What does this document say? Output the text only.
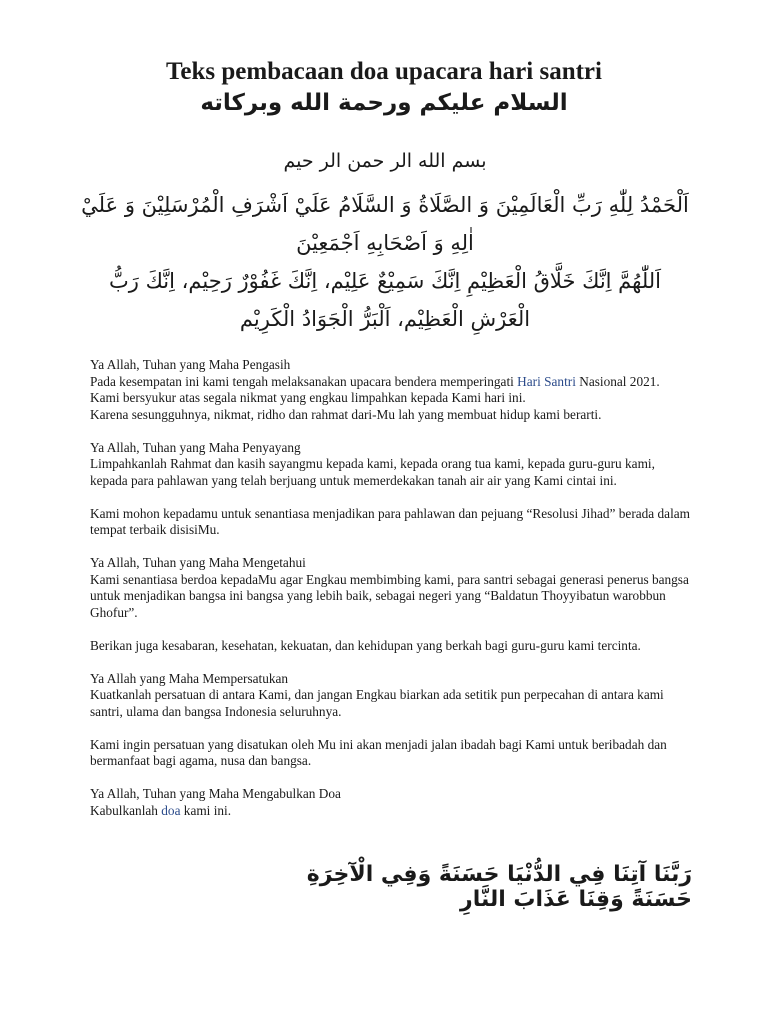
Teks pembacaan doa upacara hari santri
السلام عليكم ورحمة الله وبركاته
بسم الله الر حمن الر حيم
اَلْحَمْدُ لِلّٰهِ رَبِّ الْعَالَمِيْنَ وَ الصَّلَاةُ وَ السَّلَامُ عَلَيْ اَشْرَفِ الْمُرْسَلِيْنَ وَ عَلَيْ اٰلِهِ وَ اَصْحَابِهِ اَجْمَعِيْنَ
اَللّٰهُمَّ اِنَّكَ خَلَّاقُ الْعَظِيْمِ اِنَّكَ سَمِيْعٌ عَلِيْم، اِنَّكَ غَفُوْرٌ رَحِيْم، اِنَّكَ رَبُّ الْعَرْشِ الْعَظِيْم، اَلْبَرُّ الْجَوَادُ الْكَرِيْم

Ya Allah, Tuhan yang Maha Pengasih

Pada kesempatan ini kami tengah melaksanakan upacara bendera memperingati Hari Santri Nasional 2021.

Kami bersyukur atas segala nikmat yang engkau limpahkan kepada Kami hari ini.

Karena sesungguhnya, nikmat, ridho dan rahmat dari-Mu lah yang membuat hidup kami berarti.

Ya Allah, Tuhan yang Maha Penyayang

Limpahkanlah Rahmat dan kasih sayangmu kepada kami, kepada orang tua kami, kepada guru-guru kami, kepada para pahlawan yang telah berjuang untuk memerdekakan tanah air air yang Kami cintai ini.

Kami mohon kepadamu untuk senantiasa menjadikan para pahlawan dan pejuang “Resolusi Jihad” berada dalam tempat terbaik disisiMu.

Ya Allah, Tuhan yang Maha Mengetahui

Kami senantiasa berdoa kepadaMu agar Engkau membimbing kami, para santri sebagai generasi penerus bangsa untuk menjadikan bangsa ini bangsa yang lebih baik, sebagai negeri yang “Baldatun Thoyyibatun warobbun Ghofur”.

Berikan juga kesabaran, kesehatan, kekuatan, dan kehidupan yang berkah bagi guru-guru kami tercinta.

Ya Allah yang Maha Mempersatukan

Kuatkanlah persatuan di antara Kami, dan jangan Engkau biarkan ada setitik pun perpecahan di antara kami santri, ulama dan bangsa Indonesia seluruhnya.

Kami ingin persatuan yang disatukan oleh Mu ini akan menjadi jalan ibadah bagi Kami untuk beribadah dan bermanfaat bagi agama, nusa dan bangsa.

Ya Allah, Tuhan yang Maha Mengabulkan Doa

Kabulkanlah doa kami ini.

رَبَّنَا آتِنَا فِي الدُّنْيَا حَسَنَةً وَفِي الْآخِرَةِ حَسَنَةً وَقِنَا عَذَابَ النَّارِ
